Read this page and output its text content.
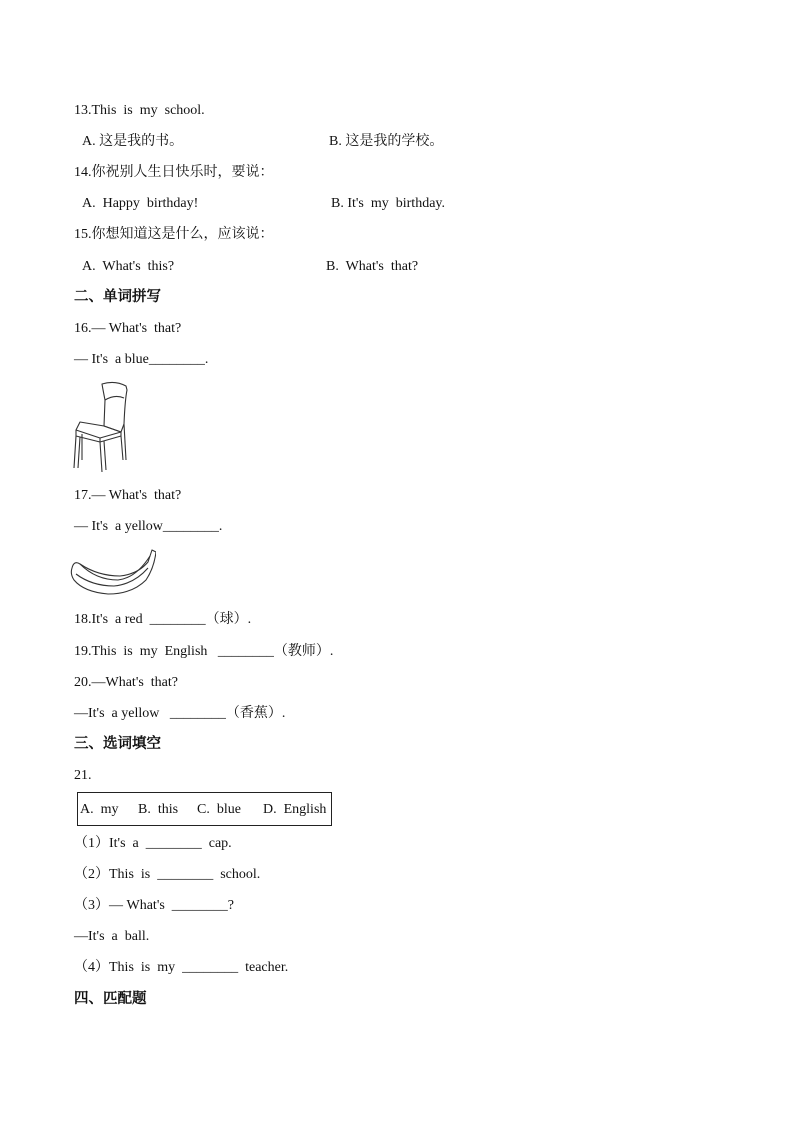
13.This  is  my  school.
A. 这是我的书。	B. 这是我的学校。
14.你祝别人生日快乐时，要说：
A.  Happy  birthday!	B. It's  my  birthday.
15.你想知道这是什么，应该说：
A.  What's  this?	B.  What's  that?
二、单词拼写
16.— What's  that?
— It's  a blue________.
17.— What's  that?
— It's  a yellow________.
18.It's  a red  ________（球）.
19.This  is  my  English   ________（教师）.
20.—What's  that?
—It's  a yellow   ________（香蕉）.
三、选词填空
21.
A.  my B.  this C.  blue D.  English
（1）It's  a  ________  cap.
（2）This  is  ________  school.
（3）— What's  ________?
—It's  a  ball.
（4）This  is  my  ________  teacher.
四、匹配题
